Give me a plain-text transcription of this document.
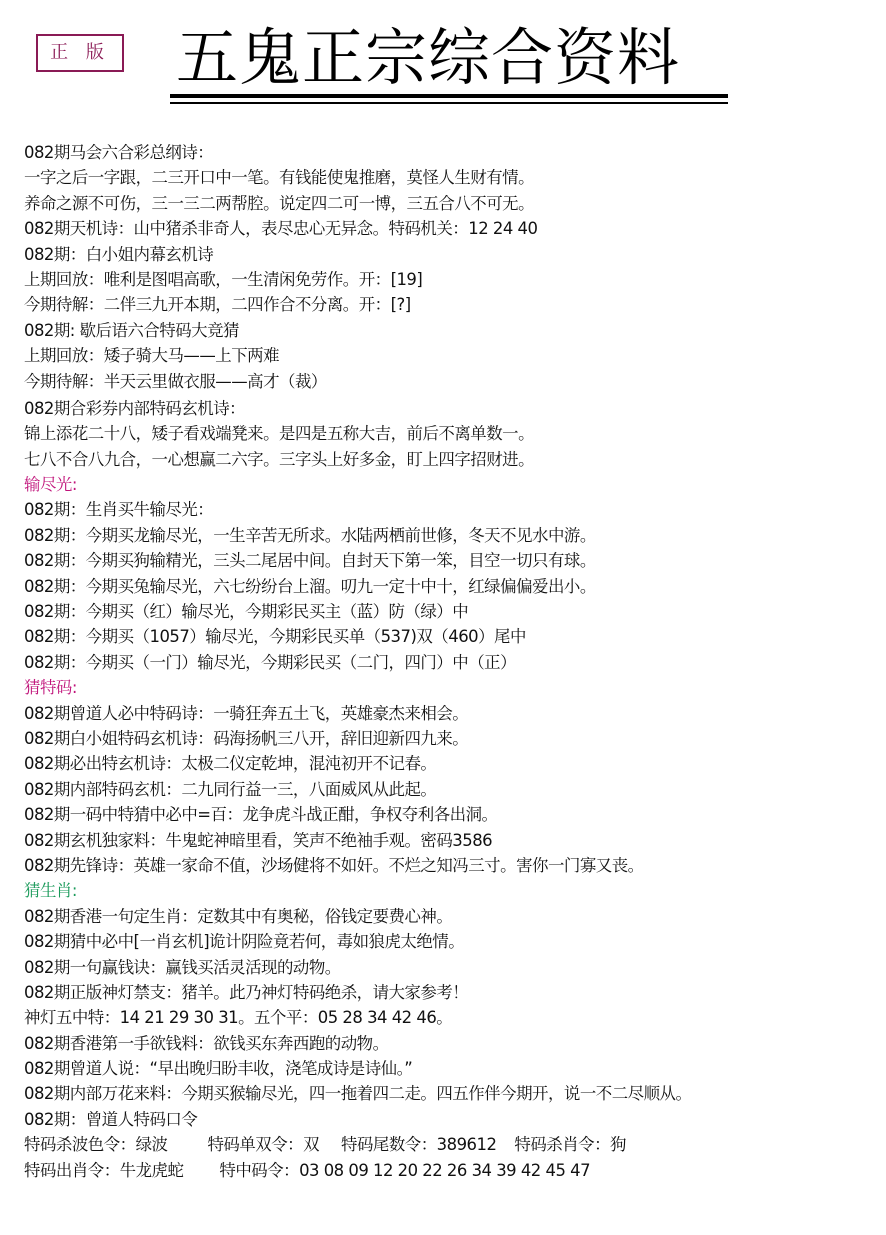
正 版 五鬼正宗综合资料
082期马会六合彩总纲诗：
一字之后一字跟，二三开口中一笔。有钱能使鬼推磨，莫怪人生财有情。
养命之源不可伤，三一三二两帮腔。说定四二可一博，三五合八不可无。
082期天机诗：山中猪杀非奇人，表尽忠心无异念。特码机关：12 24 40
082期：白小姐内幕玄机诗
上期回放：唯利是图唱高歌，一生清闲免劳作。开：[19]
今期待解：二伴三九开本期，二四作合不分离。开：[?]
082期: 歇后语六合特码大竞猜
上期回放：矮子骑大马——上下两难
今期待解：半天云里做衣服——高才（裁）
082期合彩券内部特码玄机诗：
锦上添花二十八，矮子看戏端凳来。是四是五称大吉，前后不离单数一。
七八不合八九合，一心想赢二六字。三字头上好多金，盯上四字招财进。
输尽光:
082期：生肖买牛输尽光：
082期：今期买龙输尽光，一生辛苦无所求。水陆两栖前世修，冬天不见水中游。
082期：今期买狗输精光，三头二尾居中间。自封天下第一笨，目空一切只有球。
082期：今期买兔输尽光，六七纷纷台上溜。叨九一定十中十，红绿偏偏爱出小。
082期：今期买（红）输尽光，今期彩民买主（蓝）防（绿）中
082期：今期买（1057）输尽光，今期彩民买单（537)双（460）尾中
082期：今期买（一门）输尽光，今期彩民买（二门，四门）中（正）
猜特码:
082期曾道人必中特码诗：一骑狂奔五土飞，英雄豪杰来相会。
082期白小姐特码玄机诗：码海扬帆三八开，辞旧迎新四九来。
082期必出特玄机诗：太极二仪定乾坤，混沌初开不记春。
082期内部特码玄机：二九同行益一三，八面威风从此起。
082期一码中特猜中必中=百：龙争虎斗战正酣，争权夺利各出洞。
082期玄机独家料：牛鬼蛇神暗里看，笑声不绝袖手观。密码3586
082期先锋诗：英雄一家命不值，沙场健将不如奸。不烂之知冯三寸。害你一门寡又丧。
猜生肖:
082期香港一句定生肖：定数其中有奥秘，俗钱定要费心神。
082期猜中必中[一肖玄机]诡计阴险竟若何，毒如狼虎太绝情。
082期一句赢钱诀：赢钱买活灵活现的动物。
082期正版神灯禁支：猪羊。此乃神灯特码绝杀，请大家参考！
神灯五中特：14 21 29 30 31。五个平：05 28 34 42 46。
082期香港第一手欲钱料：欲钱买东奔西跑的动物。
082期曾道人说：“早出晚归盼丰收，浇笔成诗是诗仙。”
082期内部万花来料：今期买猴输尽光，四一拖着四二走。四五作伴今期开，说一不二尽顺从。
082期：曾道人特码口令
特码杀波色令：绿波 特码单双令：双 特码尾数令：389612 特码杀肖令：狗
特码出肖令：牛龙虎蛇 特中码令：03 08 09 12 20 22 26 34 39 42 45 47
